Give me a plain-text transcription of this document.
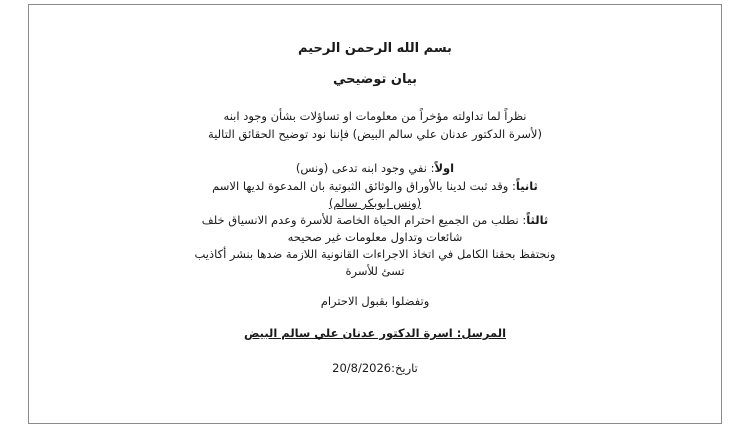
بسم الله الرحمن الرحيم
بيان توضيحي
نظراً لما تداولته مؤخراً من معلومات او تساؤلات بشأن وجود ابنه
(لأسرة الدكتور عدنان علي سالم البيض) فإننا نود توضيح الحقائق التالية
اولاً: نفي وجود ابنه تدعى (ونس)
ثانياً: وقد ثبت لدينا بالأوراق والوثائق الثبوتية بان المدعوة لديها الاسم
(ونس ابوبكر سالم)
ثالثاً: نطلب من الجميع احترام الحياة الخاصة للأسرة وعدم الانسياق خلف
شائعات وتداول معلومات غير صحيحه
ونحتفظ بحقنا الكامل في اتخاذ الاجراءات القانونية اللازمة ضدها بنشر أكاذيب
تسئ للأسرة
وتفضلوا بقبول الاحترام
المرسل: اسرة الدكتور عدنان علي سالم البيض
تاريخ:20/8/2026
